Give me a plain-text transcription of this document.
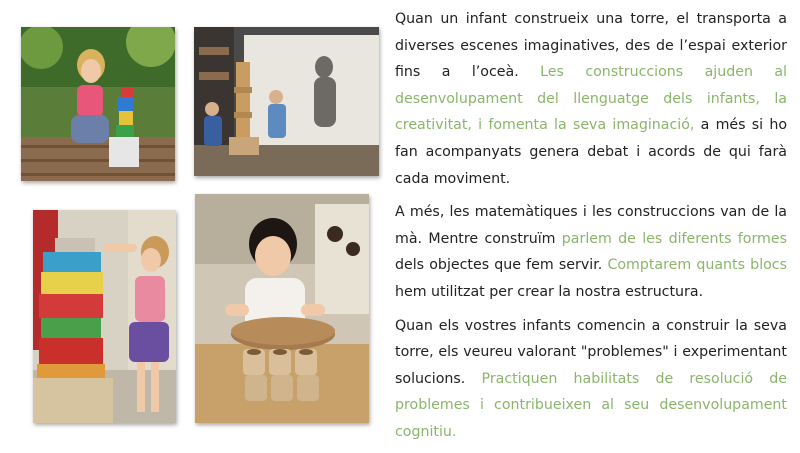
Quan un infant construeix una torre, el transporta a diverses escenes imaginatives, des de l’espai exterior fins a l’oceà. Les construccions ajuden al desenvolupament del llenguatge dels infants, la creativitat, i fomenta la seva imaginació, a més si ho fan acompanyats genera debat i acords de qui farà cada moviment.

A més, les matemàtiques i les construccions van de la mà. Mentre construïm parlem de les diferents formes dels objectes que fem servir. Comptarem quants blocs hem utilitzat per crear la nostra estructura.

Quan els vostres infants comencin a construir la seva torre, els veureu valorant "problemes" i experimentant solucions. Practiquen habilitats de resolució de problemes i contribueixen al seu desenvolupament cognitiu.
